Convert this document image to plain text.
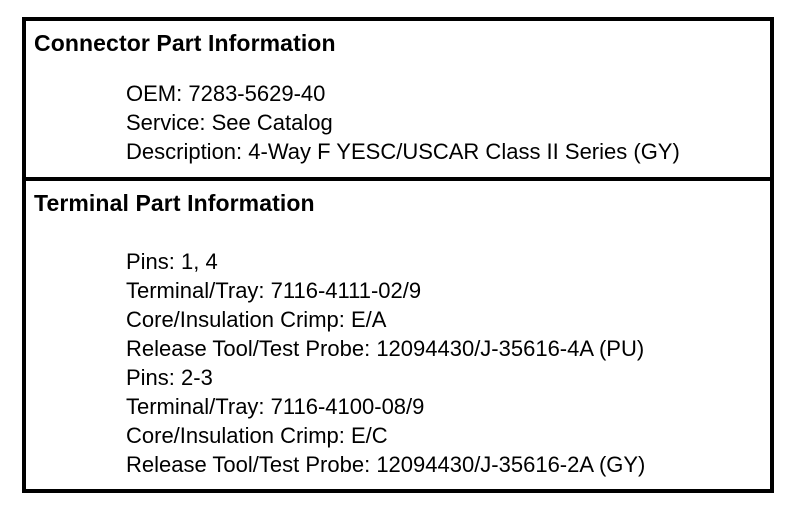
Connector Part Information
OEM: 7283-5629-40
Service: See Catalog
Description: 4-Way F YESC/USCAR Class II Series (GY)
Terminal Part Information
Pins: 1, 4
Terminal/Tray: 7116-4111-02/9
Core/Insulation Crimp: E/A
Release Tool/Test Probe: 12094430/J-35616-4A (PU)
Pins: 2-3
Terminal/Tray: 7116-4100-08/9
Core/Insulation Crimp: E/C
Release Tool/Test Probe: 12094430/J-35616-2A (GY)
